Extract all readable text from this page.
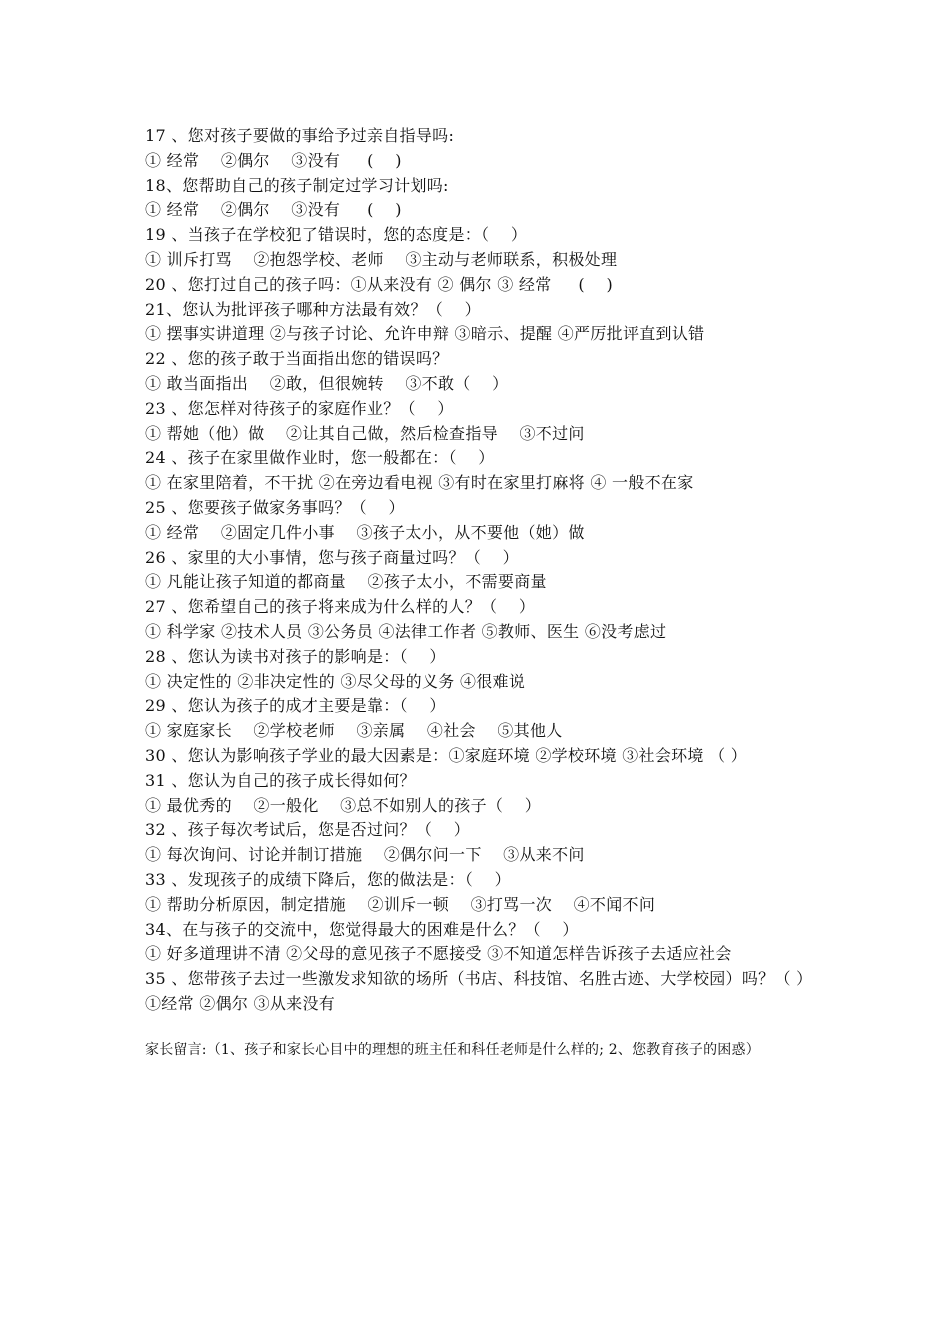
17 、您对孩子要做的事给予过亲自指导吗:
① 经常    ②偶尔    ③没有     (    )
18、您帮助自己的孩子制定过学习计划吗:
① 经常    ②偶尔    ③没有     (    )
19 、当孩子在学校犯了错误时，您的态度是：（    ）
① 训斥打骂    ②抱怨学校、老师    ③主动与老师联系，积极处理
20 、您打过自己的孩子吗：①从来没有 ② 偶尔 ③ 经常     (    )
21、您认为批评孩子哪种方法最有效？（    ）
① 摆事实讲道理 ②与孩子讨论、允许申辩 ③暗示、提醒 ④严厉批评直到认错
22 、您的孩子敢于当面指出您的错误吗？
① 敢当面指出    ②敢，但很婉转    ③不敢（    ）
23 、您怎样对待孩子的家庭作业？（    ）
① 帮她（他）做    ②让其自己做，然后检查指导    ③不过问
24 、孩子在家里做作业时，您一般都在：（    ）
① 在家里陪着，不干扰 ②在旁边看电视 ③有时在家里打麻将 ④ 一般不在家
25 、您要孩子做家务事吗？（    ）
① 经常    ②固定几件小事    ③孩子太小，从不要他（她）做
26 、家里的大小事情，您与孩子商量过吗？（    ）
① 凡能让孩子知道的都商量    ②孩子太小，不需要商量
27 、您希望自己的孩子将来成为什么样的人？（    ）
① 科学家 ②技术人员 ③公务员 ④法律工作者 ⑤教师、医生 ⑥没考虑过
28 、您认为读书对孩子的影响是：（    ）
① 决定性的 ②非决定性的 ③尽父母的义务 ④很难说
29 、您认为孩子的成才主要是靠：（    ）
① 家庭家长    ②学校老师    ③亲属    ④社会    ⑤其他人
30 、您认为影响孩子学业的最大因素是：①家庭环境 ②学校环境 ③社会环境 （ ）
31 、您认为自己的孩子成长得如何？
① 最优秀的    ②一般化    ③总不如别人的孩子（    ）
32 、孩子每次考试后，您是否过问？（    ）
① 每次询问、讨论并制订措施    ②偶尔问一下    ③从来不问
33 、发现孩子的成绩下降后，您的做法是：（    ）
① 帮助分析原因，制定措施    ②训斥一顿    ③打骂一次    ④不闻不问
34、在与孩子的交流中，您觉得最大的困难是什么？（    ）
① 好多道理讲不清 ②父母的意见孩子不愿接受 ③不知道怎样告诉孩子去适应社会
35 、您带孩子去过一些激发求知欲的场所（书店、科技馆、名胜古迹、大学校园）吗？（ ）①经常 ②偶尔 ③从来没有
家长留言:（1、孩子和家长心目中的理想的班主任和科任老师是什么样的; 2、您教育孩子的困惑）
